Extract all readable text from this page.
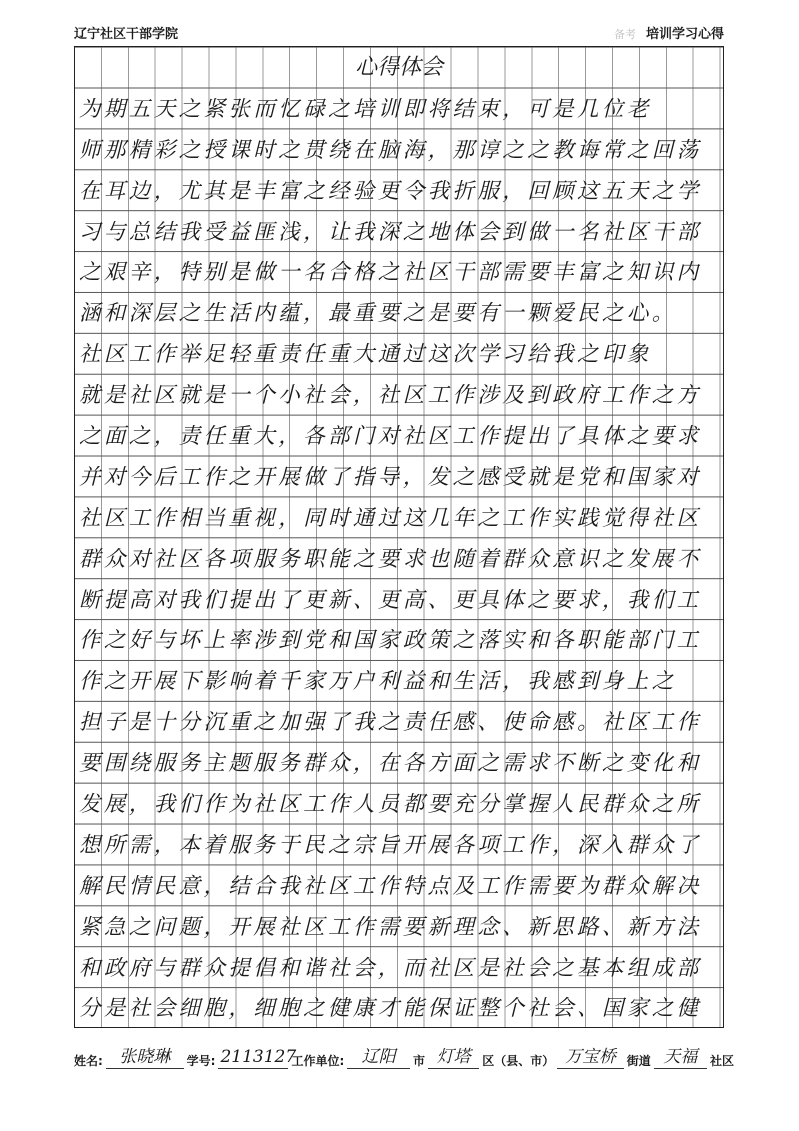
辽宁社区干部学院	备考 培训学习心得
心得体会
为期五天之紧张而忆碌之培训即将结束，可是几位老
师那精彩之授课时之贯绕在脑海，那谆之之教诲常之回荡
在耳边，尤其是丰富之经验更令我折服，回顾这五天之学
习与总结我受益匪浅，让我深之地体会到做一名社区干部
之艰辛，特别是做一名合格之社区干部需要丰富之知识内
涵和深层之生活内蕴，最重要之是要有一颗爱民之心。
社区工作举足轻重责任重大通过这次学习给我之印象
就是社区就是一个小社会，社区工作涉及到政府工作之方
之面之，责任重大，各部门对社区工作提出了具体之要求
并对今后工作之开展做了指导，发之感受就是党和国家对
社区工作相当重视，同时通过这几年之工作实践觉得社区
群众对社区各项服务职能之要求也随着群众意识之发展不
断提高对我们提出了更新、更高、更具体之要求，我们工
作之好与坏上率涉到党和国家政策之落实和各职能部门工
作之开展下影响着千家万户利益和生活，我感到身上之
担子是十分沉重之加强了我之责任感、使命感。社区工作
要围绕服务主题服务群众，在各方面之需求不断之变化和
发展，我们作为社区工作人员都要充分掌握人民群众之所
想所需，本着服务于民之宗旨开展各项工作，深入群众了
解民情民意，结合我社区工作特点及工作需要为群众解决
紧急之问题，开展社区工作需要新理念、新思路、新方法
和政府与群众提倡和谐社会，而社区是社会之基本组成部
分是社会细胞，细胞之健康才能保证整个社会、国家之健
姓名: 张晓琳	学号: 2113127
工作单位:	辽阳	市 灯塔 区（县、市） 万宝桥 街道 天福	社区
